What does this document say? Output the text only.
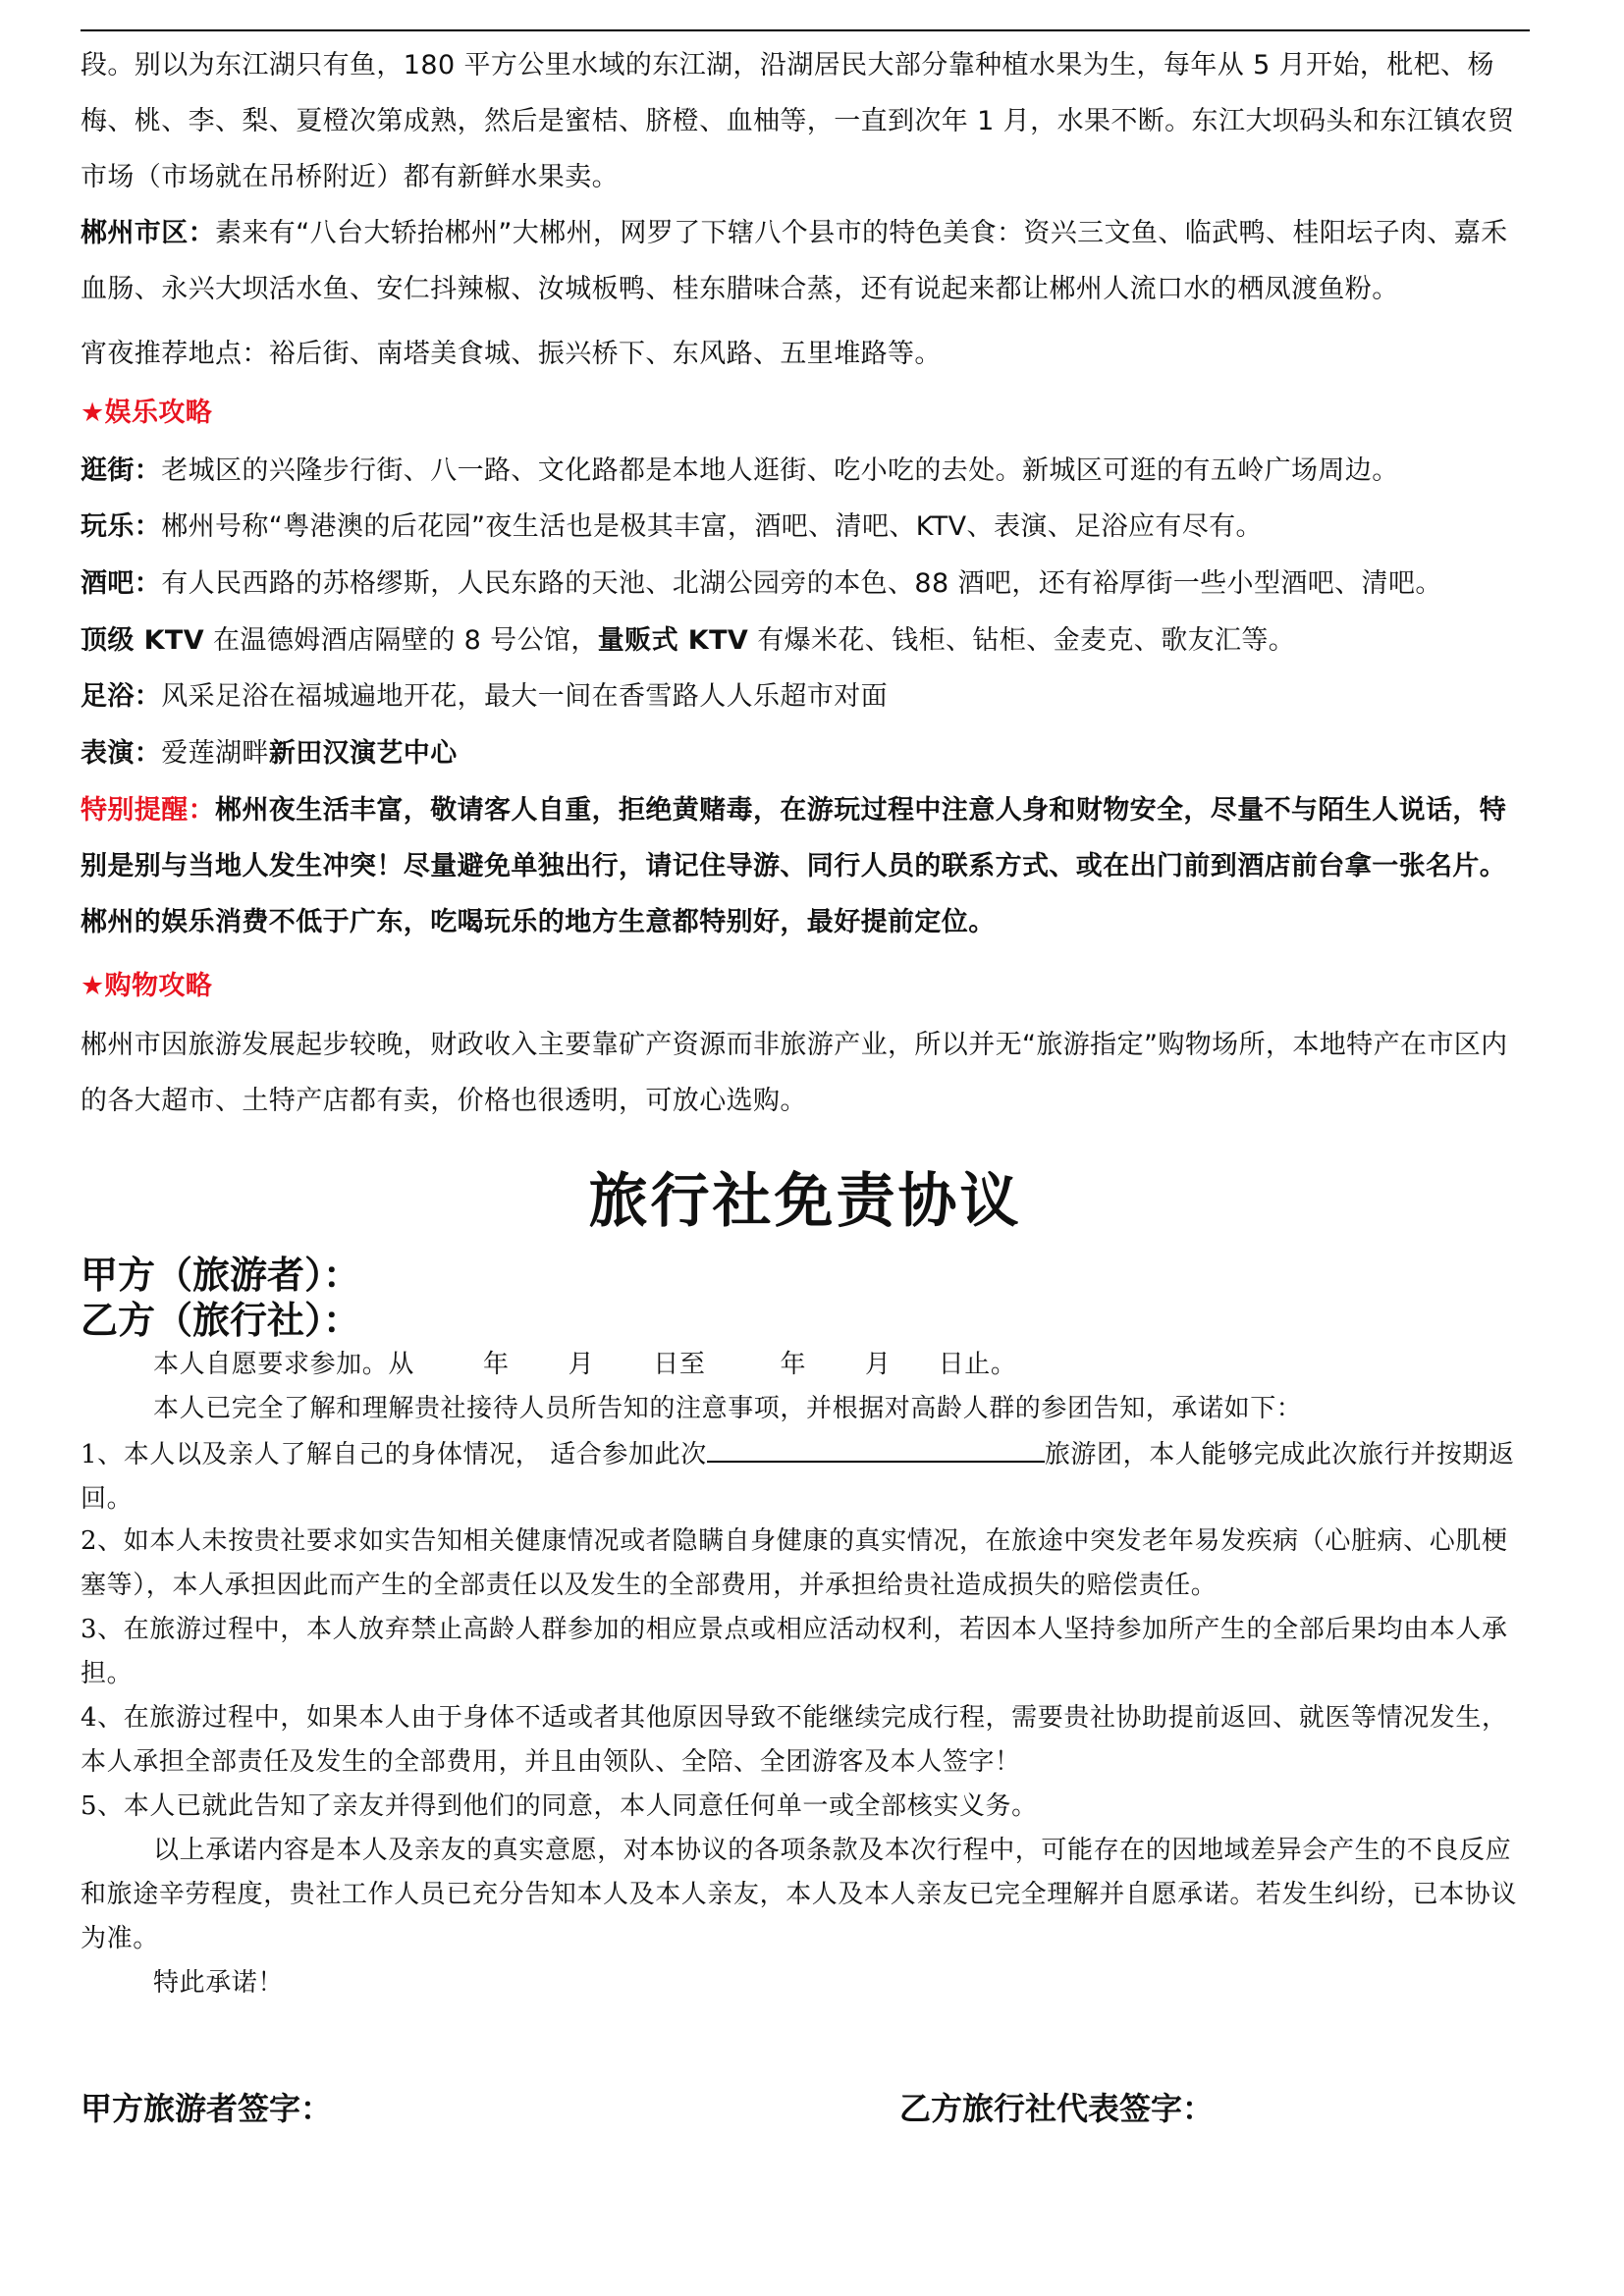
段。别以为东江湖只有鱼，180 平方公里水域的东江湖，沿湖居民大部分靠种植水果为生，每年从 5 月开始，枇杷、杨梅、桃、李、梨、夏橙次第成熟，然后是蜜桔、脐橙、血柚等，一直到次年 1 月，水果不断。东江大坝码头和东江镇农贸市场（市场就在吊桥附近）都有新鲜水果卖。

郴州市区：素来有“八台大轿抬郴州”大郴州，网罗了下辖八个县市的特色美食：资兴三文鱼、临武鸭、桂阳坛子肉、嘉禾血肠、永兴大坝活水鱼、安仁抖辣椒、汝城板鸭、桂东腊味合蒸，还有说起来都让郴州人流口水的栖凤渡鱼粉。

宵夜推荐地点：裕后街、南塔美食城、振兴桥下、东风路、五里堆路等。

★娱乐攻略

逛街：老城区的兴隆步行街、八一路、文化路都是本地人逛街、吃小吃的去处。新城区可逛的有五岭广场周边。

玩乐：郴州号称“粤港澳的后花园”夜生活也是极其丰富，酒吧、清吧、KTV、表演、足浴应有尽有。

酒吧：有人民西路的苏格缪斯，人民东路的天池、北湖公园旁的本色、88 酒吧，还有裕厚街一些小型酒吧、清吧。

顶级 KTV 在温德姆酒店隔壁的 8 号公馆，量贩式 KTV 有爆米花、钱柜、钻柜、金麦克、歌友汇等。

足浴：风采足浴在福城遍地开花，最大一间在香雪路人人乐超市对面

表演：爱莲湖畔新田汉演艺中心

特别提醒：郴州夜生活丰富，敬请客人自重，拒绝黄赌毒，在游玩过程中注意人身和财物安全，尽量不与陌生人说话，特别是别与当地人发生冲突！尽量避免单独出行，请记住导游、同行人员的联系方式、或在出门前到酒店前台拿一张名片。郴州的娱乐消费不低于广东，吃喝玩乐的地方生意都特别好，最好提前定位。

★购物攻略

郴州市因旅游发展起步较晚，财政收入主要靠矿产资源而非旅游产业，所以并无“旅游指定”购物场所，本地特产在市区内的各大超市、土特产店都有卖，价格也很透明，可放心选购。

旅行社免责协议

甲方（旅游者）：

乙方（旅行社）：

本人自愿要求参加。从	年 月 日至	年 月 日止。

本人已完全了解和理解贵社接待人员所告知的注意事项，并根据对高龄人群的参团告知，承诺如下：

1、本人以及亲人了解自己的身体情况， 适合参加此次	旅游团，本人能够完成此次旅行并按期返回。

2、如本人未按贵社要求如实告知相关健康情况或者隐瞒自身健康的真实情况，在旅途中突发老年易发疾病（心脏病、心肌梗塞等），本人承担因此而产生的全部责任以及发生的全部费用，并承担给贵社造成损失的赔偿责任。

3、在旅游过程中，本人放弃禁止高龄人群参加的相应景点或相应活动权利，若因本人坚持参加所产生的全部后果均由本人承担。

4、在旅游过程中，如果本人由于身体不适或者其他原因导致不能继续完成行程，需要贵社协助提前返回、就医等情况发生，本人承担全部责任及发生的全部费用，并且由领队、全陪、全团游客及本人签字！

5、本人已就此告知了亲友并得到他们的同意，本人同意任何单一或全部核实义务。

以上承诺内容是本人及亲友的真实意愿，对本协议的各项条款及本次行程中，可能存在的因地域差异会产生的不良反应和旅途辛劳程度，贵社工作人员已充分告知本人及本人亲友，本人及本人亲友已完全理解并自愿承诺。若发生纠纷，已本协议为准。

特此承诺！

甲方旅游者签字：	乙方旅行社代表签字：
